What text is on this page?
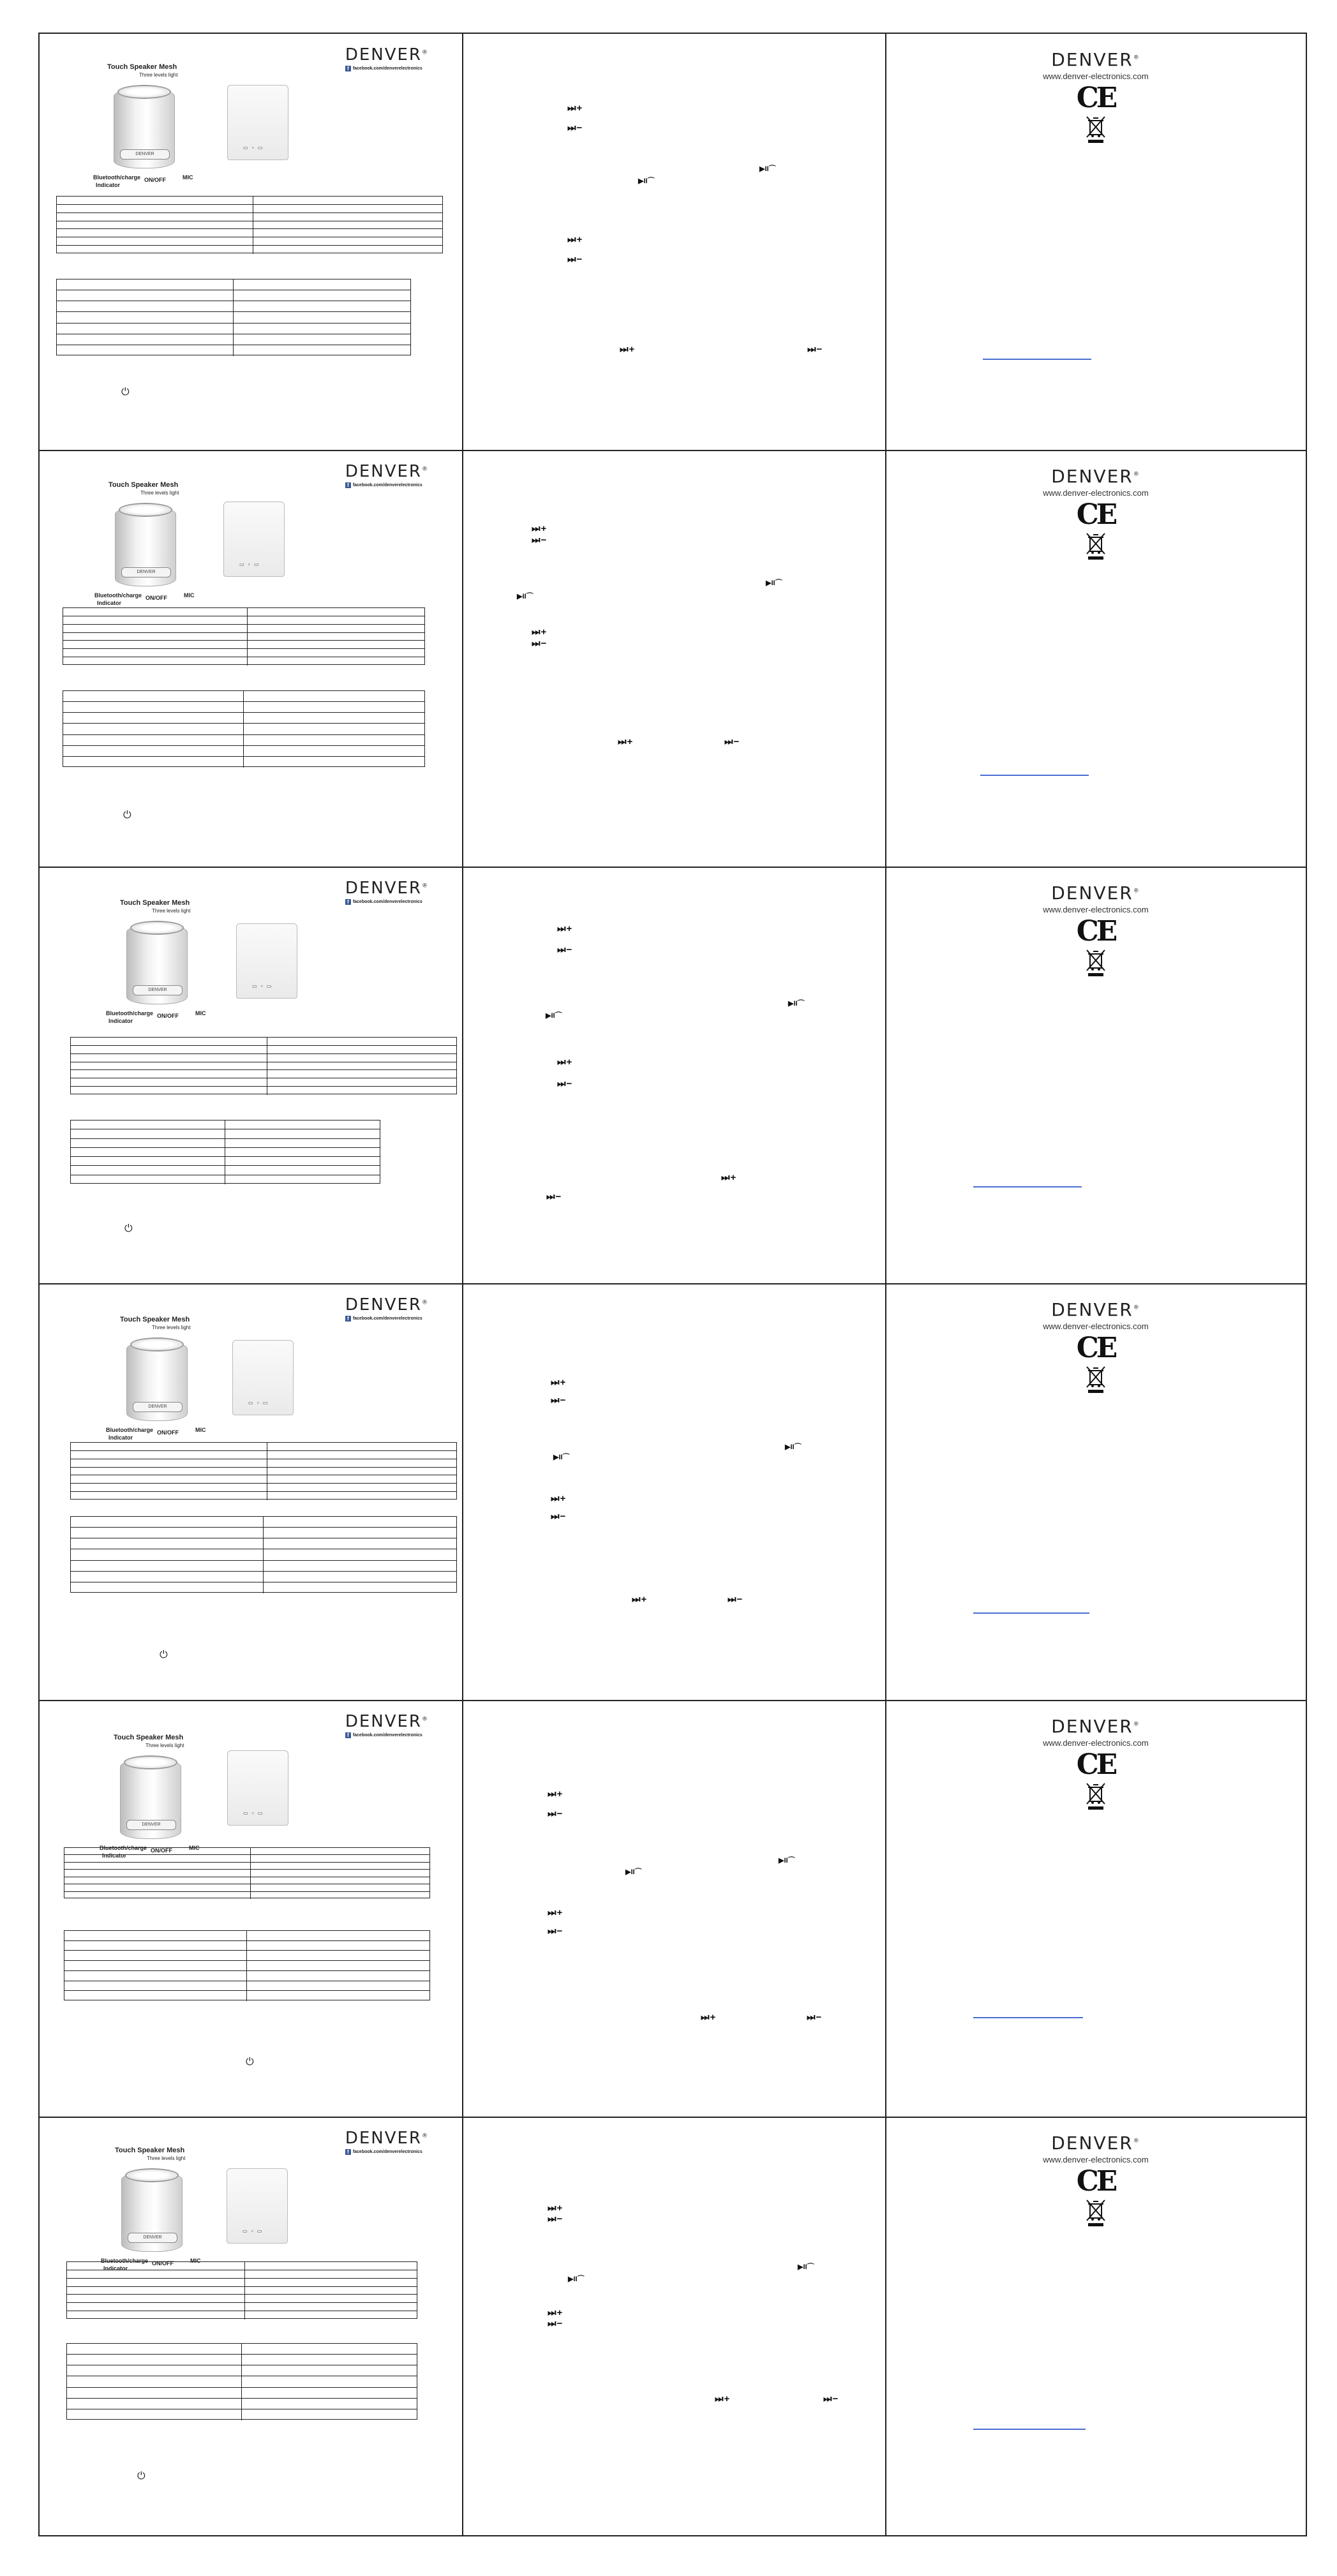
DENVER®
f facebook.com/denverelectronics
Touch Speaker Mesh
Three levels light
DENVER
▭ ▫ ▭
Bluetooth/charge
Indicator
ON/OFF	MIC
⏻
⏭+
⏭−
⏭+
⏭−
▶︎II⌒
▶︎II⌒
⏭+	⏭−
DENVER®
www.denver-electronics.com
CE
DENVER®
f facebook.com/denverelectronics
Touch Speaker Mesh
Three levels light
DENVER
▭ ▫ ▭
Bluetooth/charge
Indicator
ON/OFF	MIC
⏻
⏭+
⏭−
⏭+
⏭−
▶︎II⌒
▶︎II⌒
⏭+	⏭−
DENVER®
www.denver-electronics.com
CE
DENVER®
f facebook.com/denverelectronics
Touch Speaker Mesh
Three levels light
DENVER
▭ ▫ ▭
Bluetooth/charge
Indicator
ON/OFF	MIC
⏻
⏭+
⏭−
⏭+
⏭−
▶︎II⌒
▶︎II⌒
⏭+
⏭−
DENVER®
www.denver-electronics.com
CE
DENVER®
f facebook.com/denverelectronics
Touch Speaker Mesh
Three levels light
DENVER
▭ ▫ ▭
Bluetooth/charge
Indicator
ON/OFF	MIC
⏻
⏭+
⏭−
⏭+
⏭−
▶︎II⌒
▶︎II⌒
⏭+	⏭−
DENVER®
www.denver-electronics.com
CE
DENVER®
f facebook.com/denverelectronics
Touch Speaker Mesh
Three levels light
DENVER
▭ ▫ ▭
Bluetooth/charge
Indicator
ON/OFF	MIC
⏻
⏭+
⏭−
⏭+
⏭−
▶︎II⌒
▶︎II⌒
⏭+	⏭−
DENVER®
www.denver-electronics.com
CE
DENVER®
f facebook.com/denverelectronics
Touch Speaker Mesh
Three levels light
DENVER
▭ ▫ ▭
Bluetooth/charge
Indicator
ON/OFF	MIC
⏻
⏭+
⏭−
⏭+
⏭−
▶︎II⌒
▶︎II⌒
⏭+	⏭−
DENVER®
www.denver-electronics.com
CE
